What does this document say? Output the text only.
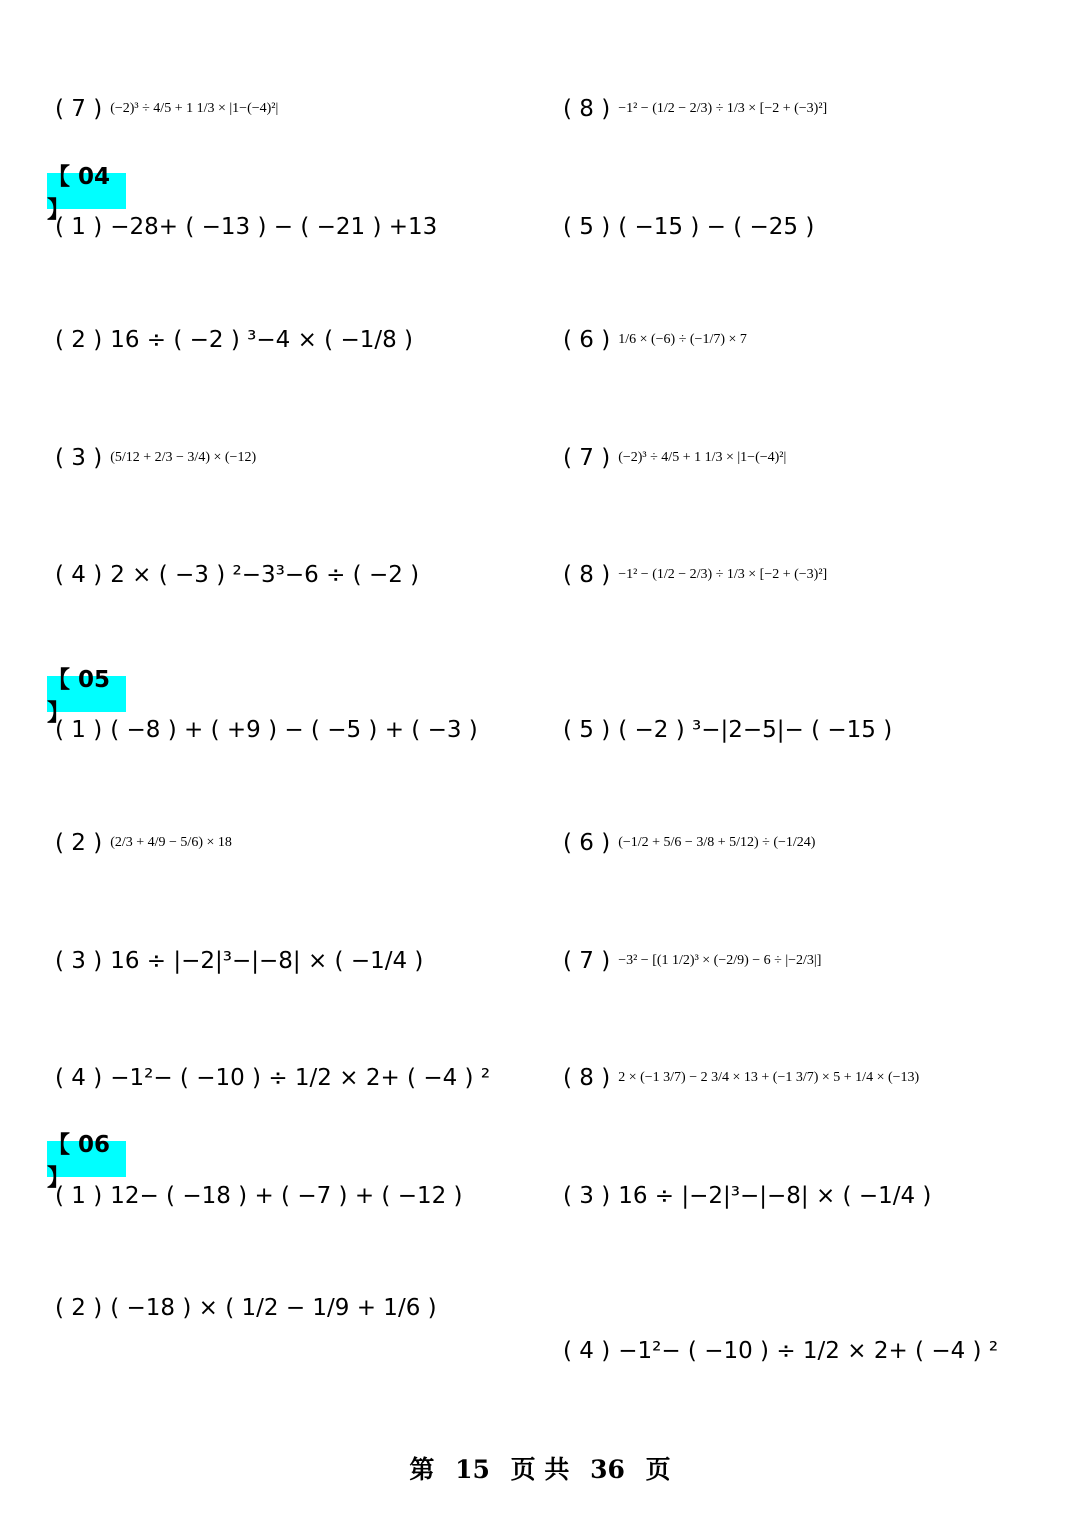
( 7 ) (−2)³ ÷ 4/5 + 1 1/3 × |1−(−4)²|	( 8 ) −1² − (1/2 − 2/3) ÷ 1/3 × [−2 + (−3)²]
【 04 】
( 1 ) −28+ ( −13 ) − ( −21 ) +13	( 5 ) ( −15 ) − ( −25 )
( 2 ) 16 ÷ ( −2 ) ³−4 × ( −1/8 )	( 6 ) 1/6 × (−6) ÷ (−1/7) × 7
( 3 ) (5/12 + 2/3 − 3/4) × (−12)	( 7 ) (−2)³ ÷ 4/5 + 1 1/3 × |1−(−4)²|
( 4 ) 2 × ( −3 ) ²−3³−6 ÷ ( −2 )	( 8 ) −1² − (1/2 − 2/3) ÷ 1/3 × [−2 + (−3)²]
【 05 】
( 1 ) ( −8 ) + ( +9 ) − ( −5 ) + ( −3 )	( 5 ) ( −2 ) ³−|2−5|− ( −15 )
( 2 ) (2/3 + 4/9 − 5/6) × 18	( 6 ) (−1/2 + 5/6 − 3/8 + 5/12) ÷ (−1/24)
( 3 ) 16 ÷ |−2|³−|−8| × ( −1/4 )	( 7 ) −3² − [(1 1/2)³ × (−2/9) − 6 ÷ |−2/3|]
( 4 ) −1²− ( −10 ) ÷ 1/2 × 2+ ( −4 ) ²	( 8 ) 2 × (−1 3/7) − 2 3/4 × 13 + (−1 3/7) × 5 + 1/4 × (−13)
【 06 】
( 1 ) 12− ( −18 ) + ( −7 ) + ( −12 )	( 3 ) 16 ÷ |−2|³−|−8| × ( −1/4 )
( 2 ) ( −18 ) × ( 1/2 − 1/9 + 1/6 )
( 4 ) −1²− ( −10 ) ÷ 1/2 × 2+ ( −4 ) ²
第 15 页 共 36 页
